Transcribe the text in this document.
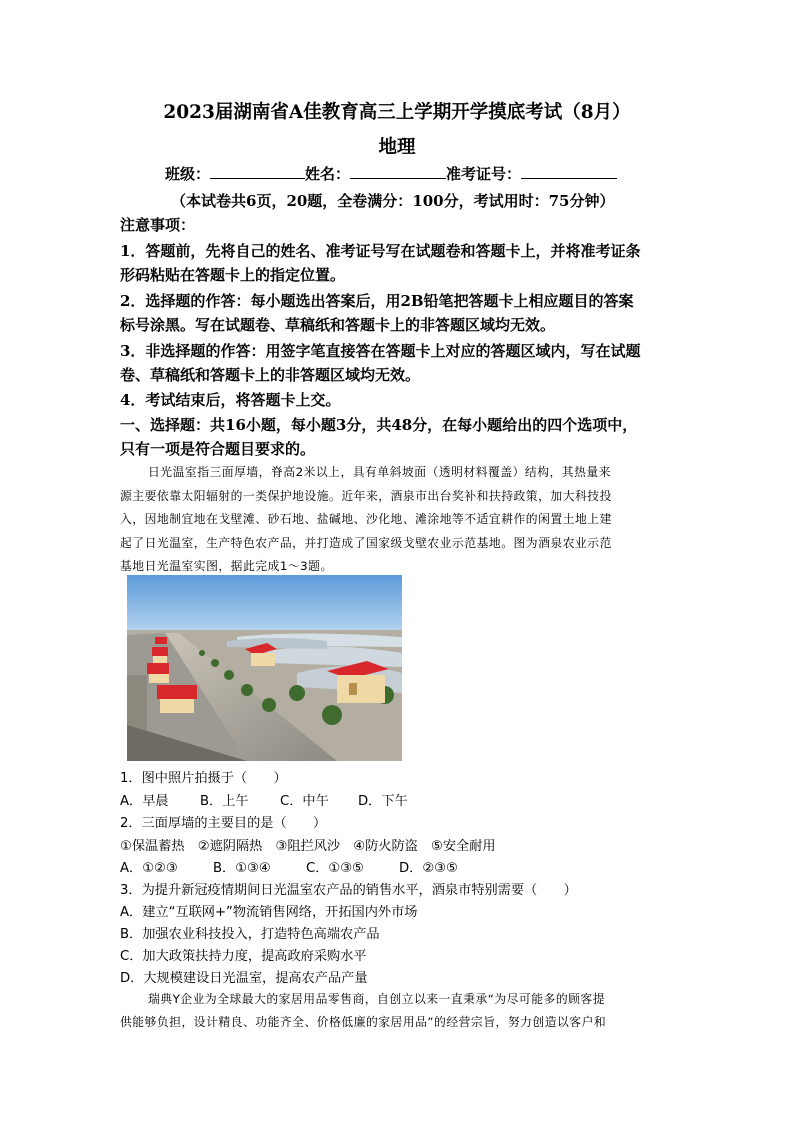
2023届湖南省A佳教育高三上学期开学摸底考试（8月）
地理
班级：	姓名：	准考证号：
（本试卷共6页，20题，全卷满分：100分，考试用时：75分钟）
注意事项：
1．答题前，先将自己的姓名、准考证号写在试题卷和答题卡上，并将准考证条
形码粘贴在答题卡上的指定位置。
2．选择题的作答：每小题选出答案后，用2B铅笔把答题卡上相应题目的答案
标号涂黑。写在试题卷、草稿纸和答题卡上的非答题区域均无效。
3．非选择题的作答：用签字笔直接答在答题卡上对应的答题区域内，写在试题
卷、草稿纸和答题卡上的非答题区域均无效。
4．考试结束后，将答题卡上交。
一、选择题：共16小题，每小题3分，共48分，在每小题给出的四个选项中，
只有一项是符合题目要求的。
日光温室指三面厚墙，脊高2米以上，具有单斜坡面（透明材料覆盖）结构，其热量来
源主要依靠太阳辐射的一类保护地设施。近年来，酒泉市出台奖补和扶持政策，加大科技投
入，因地制宜地在戈壁滩、砂石地、盐碱地、沙化地、滩涂地等不适宜耕作的闲置土地上建
起了日光温室，生产特色农产品，并打造成了国家级戈壁农业示范基地。图为酒泉农业示范
基地日光温室实图，据此完成1～3题。
1．图中照片拍摄于（　　）
A．早晨 B．上午 C．中午 D．下午
2．三面厚墙的主要目的是（　　）
①保温蓄热　②遮阴隔热　③阻拦风沙　④防火防盗　⑤安全耐用
A．①②③	B．①③④	C．①③⑤	D．②③⑤
3．为提升新冠疫情期间日光温室农产品的销售水平，酒泉市特别需要（　　）
A．建立“互联网+”物流销售网络，开拓国内外市场
B．加强农业科技投入，打造特色高端农产品
C．加大政策扶持力度，提高政府采购水平
D．大规模建设日光温室，提高农产品产量
瑞典Y企业为全球最大的家居用品零售商，自创立以来一直秉承“为尽可能多的顾客提
供能够负担，设计精良、功能齐全、价格低廉的家居用品”的经营宗旨，努力创造以客户和
